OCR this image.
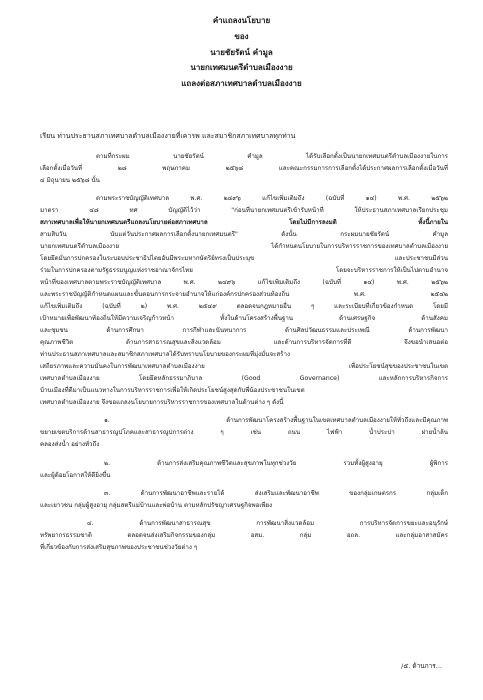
คำแถลงนโยบาย
ของ
นายชัยรัตน์ คำมูล
นายกเทศมนตรีตำบลเมืองงาย
แถลงต่อสภาเทศบาลตำบลเมืองงาย
เรียน ท่านประธานสภาเทศบาลตำบลเมืองงายที่เคารพ และสมาชิกสภาเทศบาลทุกท่าน
ตามที่กระผม นายชัยรัตน์ คำมูล ได้รับเลือกตั้งเป็นนายกเทศมนตรีตำบลเมืองงายในการ
เลือกตั้งเมื่อวันที่ ๒๘ พฤษภาคม ๒๕๖๘ และคณะกรรมการการเลือกตั้งได้ประกาศผลการเลือกตั้งเมื่อวันที่
๔ มิถุนายน ๒๕๖๘ นั้น
ตามพระราชบัญญัติเทศบาล พ.ศ. ๒๔๙๖ แก้ไขเพิ่มเติมถึง (ฉบับที่ ๑๔) พ.ศ. ๒๕๖๒
มาตรา ๔๘ ทศ บัญญัติไว้ว่า "ก่อนที่นายกเทศมนตรีเข้ารับหน้าที่ ให้ประธานสภาเทศบาลเรียกประชุม
สภาเทศบาลเพื่อให้นายกเทศมนตรีแถลงนโยบายต่อสภาเทศบาล โดยไม่มีการลงมติ ทั้งนี้ภายใน
สามสิบวัน นับแต่วันประกาศผลการเลือกตั้งนายกเทศมนตรี" ดังนั้น กระผมนายชัยรัตน์ คำมูล
นายกเทศมนตรีตำบลเมืองงาย ได้กำหนดนโยบายในการบริหารราชการของเทศบาลตำบลเมืองงาย
โดยยึดมั่นการปกครองในระบอบประชาธิปไตยอันมีพระมหากษัตริย์ทรงเป็นประมุข และประชาชนมีส่วน
ร่วมในการปกครองตามรัฐธรรมนูญแห่งราชอาณาจักรไทย โดยจะบริหารราชการให้เป็นไปตามอำนาจ
หน้าที่ของเทศบาลตามพระราชบัญญัติเทศบาล พ.ศ. ๒๔๙๖ แก้ไขเพิ่มเติมถึง (ฉบับที่ ๑๔) พ.ศ. ๒๕๖๒
และพระราชบัญญัติกำหนดแผนและขั้นตอนการกระจายอำนาจให้แก่องค์กรปกครองส่วนท้องถิ่น พ.ศ. ๒๕๔๒
แก้ไขเพิ่มเติมถึง (ฉบับที่ ๒) พ.ศ. ๒๕๔๙ ตลอดจนกฎหมายอื่น ๆ และระเบียบที่เกี่ยวข้องกำหนด โดยมี
เป้าหมายเพื่อพัฒนาท้องถิ่นให้มีความเจริญก้าวหน้า ทั้งในด้านโครงสร้างพื้นฐาน ด้านเศรษฐกิจ ด้านสังคม
และชุมชน ด้านการศึกษา การกีฬาและนันทนาการ ด้านศิลปวัฒนธรรมและประเพณี ด้านการพัฒนา
คุณภาพชีวิต ด้านการสาธารณสุขและสิ่งแวดล้อม และด้านการบริหารจัดการที่ดี จึงขอนำเสนอต่อ
ท่านประธานสภาเทศบาลและสมาชิกสภาเทศบาลได้รับทราบนโยบายของกระผมที่มุ่งมั่นจะสร้าง
เสถียรภาพและความมั่นคงในการพัฒนาเทศบาลตำบลเมืองงาย เพื่อประโยชน์สุขของประชาชนในเขต
เทศบาลตำบลเมืองงาย โดยยึดหลักธรรมาภิบาล (Good Governance) และหลักการบริหารกิจการ
บ้านเมืองที่ดีมาเป็นแนวทางในการบริหารราชการเพื่อให้เกิดประโยชน์สูงสุดกับพี่น้องประชาชนในเขต
เทศบาลตำบลเมืองงาย จึงขอแถลงนโยบายการบริหารราชการของเทศบาลในด้านต่าง ๆ ดังนี้
๑. ด้านการพัฒนาโครงสร้างพื้นฐานในเขตเทศบาลตำบลเมืองงายให้ทั่วถึงและมีคุณภาพ
ขยายเขตบริการด้านสาธารณูปโภคและสาธารณูปการต่าง ๆ เช่น ถนน ไฟฟ้า น้ำประปา ฝายน้ำล้น
คลองส่งน้ำ อย่างทั่วถึง
๒. ด้านการส่งเสริมคุณภาพชีวิตและสุขภาพในทุกช่วงวัย รวมทั้งผู้สูงอายุ ผู้พิการ
และผู้ด้อยโอกาสให้ดียิ่งขึ้น
๓. ด้านการพัฒนาอาชีพและรายได้ ส่งเสริมและพัฒนาอาชีพ ของกลุ่มเกษตรกร กลุ่มเด็ก
และเยาวชน กลุ่มผู้สูงอายุ กลุ่มสตรีแม่บ้านและพ่อบ้าน ตามหลักปรัชญาเศรษฐกิจพอเพียง
๔. ด้านการพัฒนาสาธารณสุข การพัฒนาสิ่งแวดล้อม การบริหารจัดการขยะและอนุรักษ์
ทรัพยากรธรรมชาติ ตลอดจนส่งเสริมกิจกรรมของกลุ่ม อสม. กลุ่ม อถล. และกลุ่มอาสาสมัคร
ที่เกี่ยวข้องกับการส่งเสริมสุขภาพของประชาชนช่วงวัยต่าง ๆ
/๕. ด้านการ...
